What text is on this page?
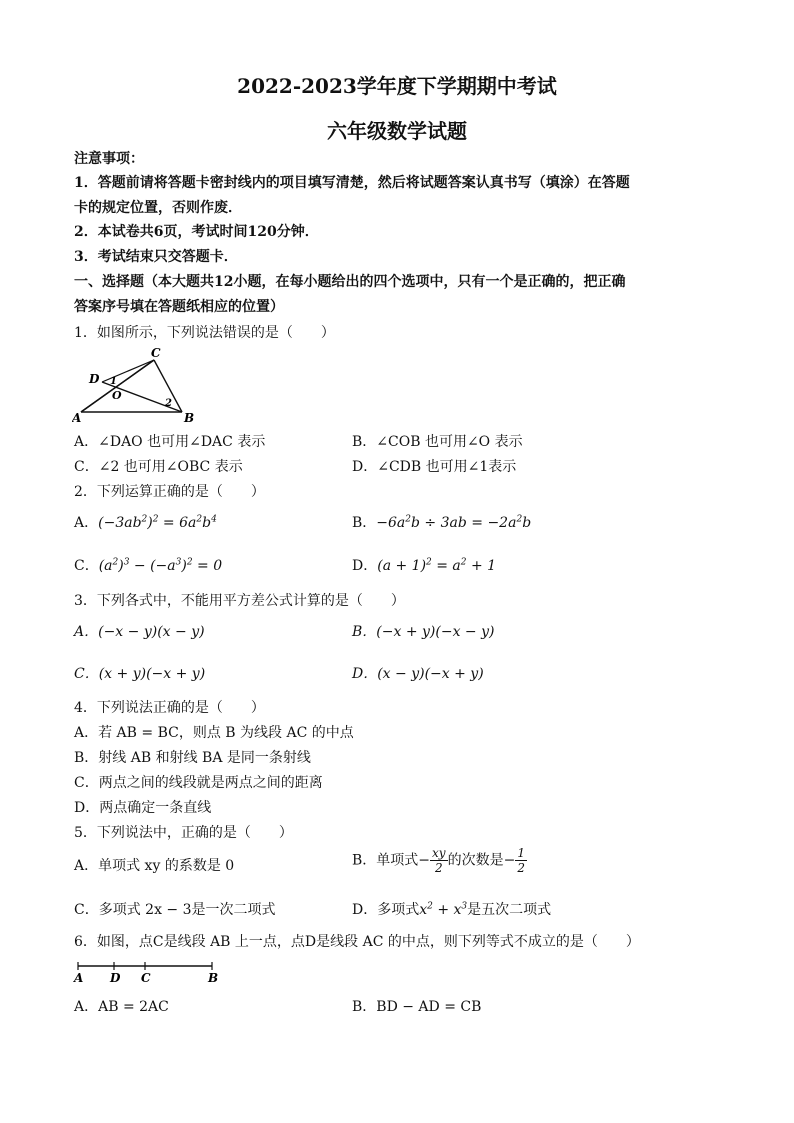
2022-2023学年度下学期期中考试
六年级数学试题
注意事项：
1．答题前请将答题卡密封线内的项目填写清楚，然后将试题答案认真书写（填涂）在答题
卡的规定位置，否则作废．
2．本试卷共6页，考试时间120分钟．
3．考试结束只交答题卡．
一、选择题（本大题共12小题，在每小题给出的四个选项中，只有一个是正确的，把正确
答案序号填在答题纸相应的位置）
1．如图所示，下列说法错误的是（　　）
A	B
C
D
O
1
2
A．∠DAO 也可用∠DAC 表示	B．∠COB 也可用∠O 表示
C．∠2 也可用∠OBC 表示	D．∠CDB 也可用∠1表示
2．下列运算正确的是（　　）
A．$(-3ab^2)^2 = 6a^2b^4$	B．$-6a^2b \div 3ab = -2a^2b$
C．$(a^2)^3 - (-a^3)^2 = 0$	D．$(a + 1)^2 = a^2 + 1$
3．下列各式中，不能用平方差公式计算的是（　　）
A．(−x − y)(x − y)	B．(−x + y)(−x − y)
C．(x + y)(−x + y)	D．(x − y)(−x + y)
4．下列说法正确的是（　　）
A．若 AB = BC，则点 B 为线段 AC 的中点
B．射线 AB 和射线 BA 是同一条射线
C．两点之间的线段就是两点之间的距离
D．两点确定一条直线
5．下列说法中，正确的是（　　）
A．单项式 xy 的系数是 0	B．单项式− $\frac{xy}{2}$ 的次数是− $\frac{1}{2}$
C．多项式 2x − 3是一次二项式	D．多项式$x^2 + x^3$是五次二项式
6．如图，点C是线段 AB 上一点，点D是线段 AC 的中点，则下列等式不成立的是（　　）
A D C	B
A．AB = 2AC	B．BD − AD = CB
